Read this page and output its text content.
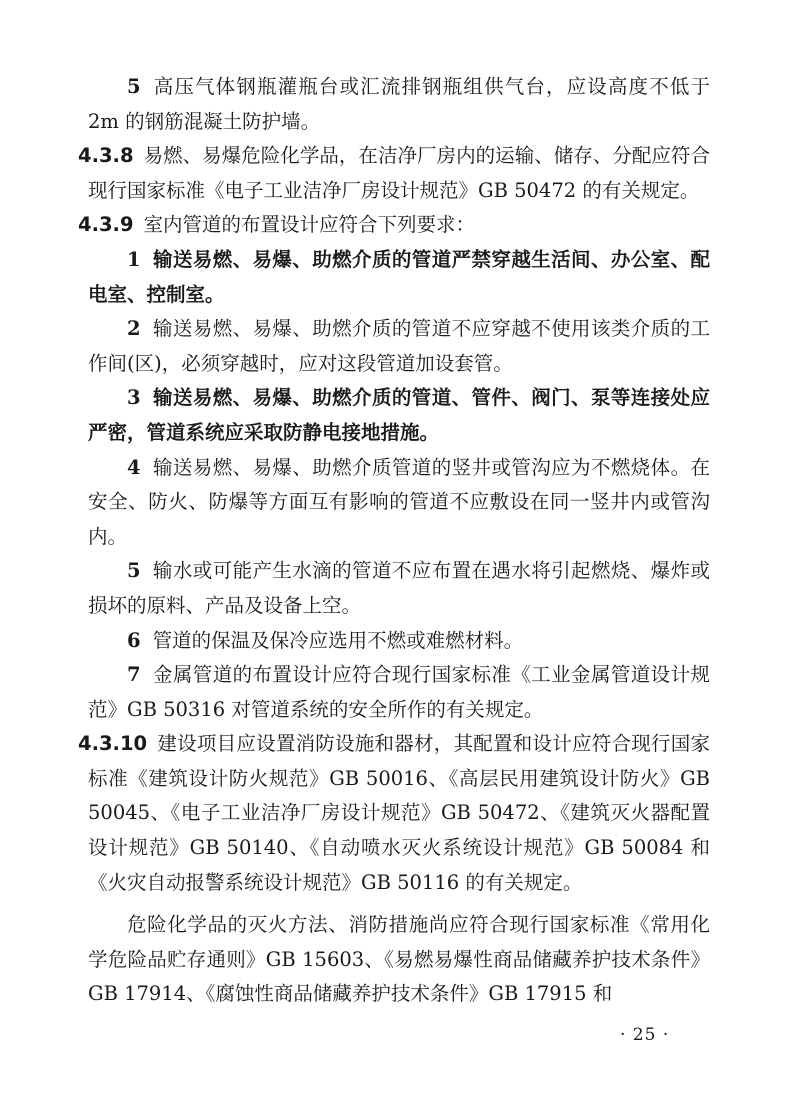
5 高压气体钢瓶灌瓶台或汇流排钢瓶组供气台，应设高度不低于 2m 的钢筋混凝土防护墙。

4.3.8 易燃、易爆危险化学品，在洁净厂房内的运输、储存、分配应符合现行国家标准《电子工业洁净厂房设计规范》GB 50472 的有关规定。

4.3.9 室内管道的布置设计应符合下列要求：

1 输送易燃、易爆、助燃介质的管道严禁穿越生活间、办公室、配电室、控制室。

2 输送易燃、易爆、助燃介质的管道不应穿越不使用该类介质的工作间(区)，必须穿越时，应对这段管道加设套管。

3 输送易燃、易爆、助燃介质的管道、管件、阀门、泵等连接处应严密，管道系统应采取防静电接地措施。

4 输送易燃、易爆、助燃介质管道的竖井或管沟应为不燃烧体。在安全、防火、防爆等方面互有影响的管道不应敷设在同一竖井内或管沟内。

5 输水或可能产生水滴的管道不应布置在遇水将引起燃烧、爆炸或损坏的原料、产品及设备上空。

6 管道的保温及保冷应选用不燃或难燃材料。

7 金属管道的布置设计应符合现行国家标准《工业金属管道设计规范》GB 50316 对管道系统的安全所作的有关规定。

4.3.10 建设项目应设置消防设施和器材，其配置和设计应符合现行国家标准《建筑设计防火规范》GB 50016、《高层民用建筑设计防火》GB 50045、《电子工业洁净厂房设计规范》GB 50472、《建筑灭火器配置设计规范》GB 50140、《自动喷水灭火系统设计规范》GB 50084 和《火灾自动报警系统设计规范》GB 50116 的有关规定。

危险化学品的灭火方法、消防措施尚应符合现行国家标准《常用化学危险品贮存通则》GB 15603、《易燃易爆性商品储藏养护技术条件》GB 17914、《腐蚀性商品储藏养护技术条件》GB 17915 和

· 25 ·
